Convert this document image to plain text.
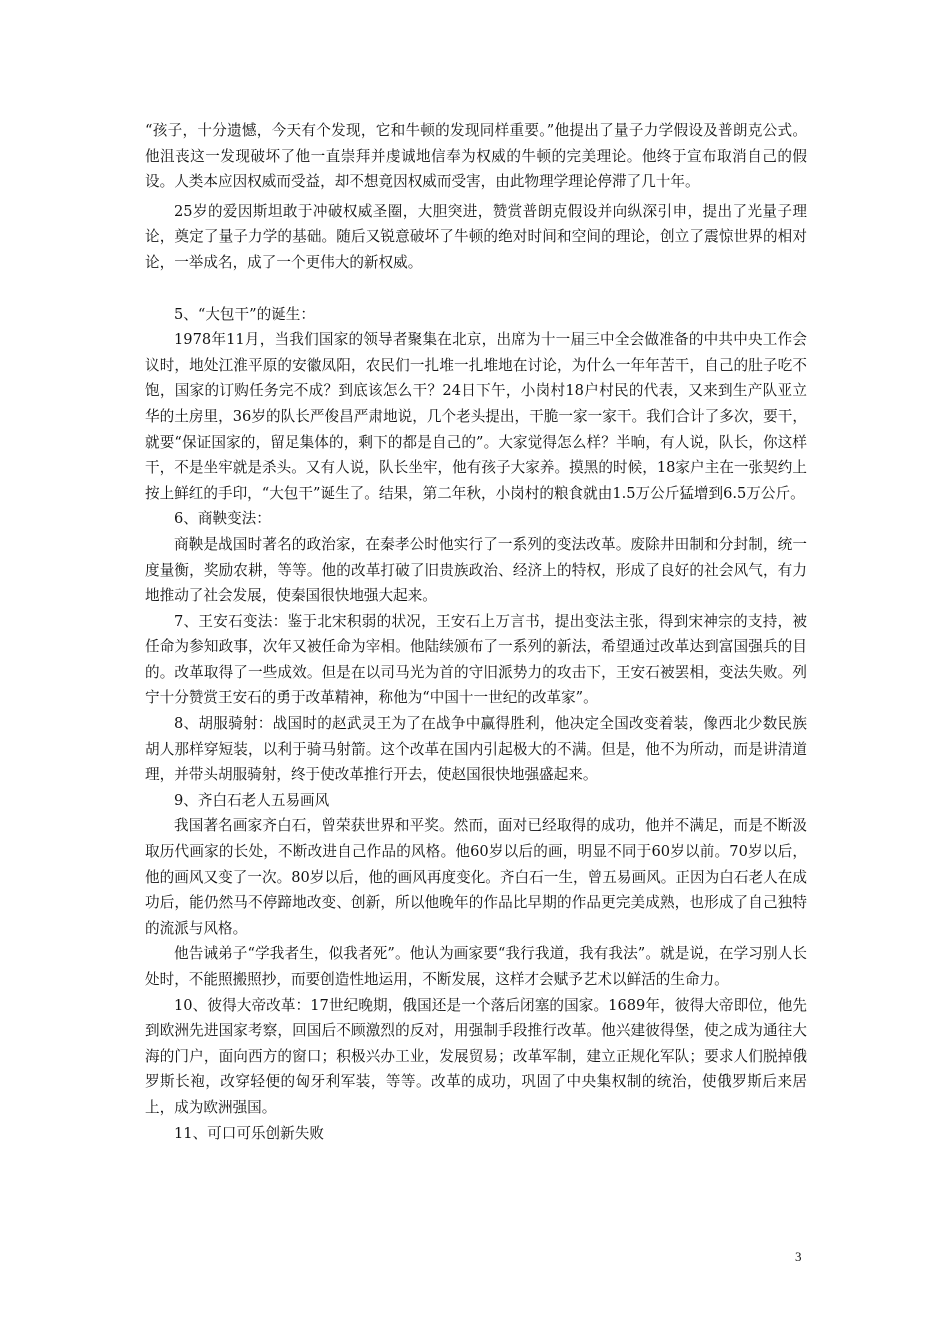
“孩子，十分遗憾，今天有个发现，它和牛顿的发现同样重要。”他提出了量子力学假设及普朗克公式。他沮丧这一发现破坏了他一直崇拜并虔诚地信奉为权威的牛顿的完美理论。他终于宣布取消自己的假设。人类本应因权威而受益，却不想竟因权威而受害，由此物理学理论停滞了几十年。

25岁的爱因斯坦敢于冲破权威圣圈，大胆突进，赞赏普朗克假设并向纵深引申，提出了光量子理论，奠定了量子力学的基础。随后又锐意破坏了牛顿的绝对时间和空间的理论，创立了震惊世界的相对论，一举成名，成了一个更伟大的新权威。

5、“大包干”的诞生：

1978年11月，当我们国家的领导者聚集在北京，出席为十一届三中全会做准备的中共中央工作会议时，地处江淮平原的安徽凤阳，农民们一扎堆一扎堆地在讨论，为什么一年年苦干，自己的肚子吃不饱，国家的订购任务完不成？到底该怎么干？24日下午，小岗村18户村民的代表，又来到生产队亚立华的土房里，36岁的队长严俊昌严肃地说，几个老头提出，干脆一家一家干。我们合计了多次，要干，就要“保证国家的，留足集体的，剩下的都是自己的”。大家觉得怎么样？半晌，有人说，队长，你这样干，不是坐牢就是杀头。又有人说，队长坐牢，他有孩子大家养。摸黑的时候，18家户主在一张契约上按上鲜红的手印，“大包干”诞生了。结果，第二年秋，小岗村的粮食就由1.5万公斤猛增到6.5万公斤。

6、商鞅变法：

商鞅是战国时著名的政治家，在秦孝公时他实行了一系列的变法改革。废除井田制和分封制，统一度量衡，奖励农耕，等等。他的改革打破了旧贵族政治、经济上的特权，形成了良好的社会风气，有力地推动了社会发展，使秦国很快地强大起来。

7、王安石变法：鉴于北宋积弱的状况，王安石上万言书，提出变法主张，得到宋神宗的支持，被任命为参知政事，次年又被任命为宰相。他陆续颁布了一系列的新法，希望通过改革达到富国强兵的目的。改革取得了一些成效。但是在以司马光为首的守旧派势力的攻击下，王安石被罢相，变法失败。列宁十分赞赏王安石的勇于改革精神，称他为“中国十一世纪的改革家”。

8、胡服骑射：战国时的赵武灵王为了在战争中赢得胜利，他决定全国改变着装，像西北少数民族胡人那样穿短装，以利于骑马射箭。这个改革在国内引起极大的不满。但是，他不为所动，而是讲清道理，并带头胡服骑射，终于使改革推行开去，使赵国很快地强盛起来。

9、齐白石老人五易画风

我国著名画家齐白石，曾荣获世界和平奖。然而，面对已经取得的成功，他并不满足，而是不断汲取历代画家的长处，不断改进自己作品的风格。他60岁以后的画，明显不同于60岁以前。70岁以后，他的画风又变了一次。80岁以后，他的画风再度变化。齐白石一生，曾五易画风。正因为白石老人在成功后，能仍然马不停蹄地改变、创新，所以他晚年的作品比早期的作品更完美成熟，也形成了自己独特的流派与风格。

他告诫弟子“学我者生，似我者死”。他认为画家要“我行我道，我有我法”。就是说，在学习别人长处时，不能照搬照抄，而要创造性地运用，不断发展，这样才会赋予艺术以鲜活的生命力。

10、彼得大帝改革：17世纪晚期，俄国还是一个落后闭塞的国家。1689年，彼得大帝即位，他先到欧洲先进国家考察，回国后不顾激烈的反对，用强制手段推行改革。他兴建彼得堡，使之成为通往大海的门户，面向西方的窗口；积极兴办工业，发展贸易；改革军制，建立正规化军队；要求人们脱掉俄罗斯长袍，改穿轻便的匈牙利军装，等等。改革的成功，巩固了中央集权制的统治，使俄罗斯后来居上，成为欧洲强国。

11、可口可乐创新失败

3
